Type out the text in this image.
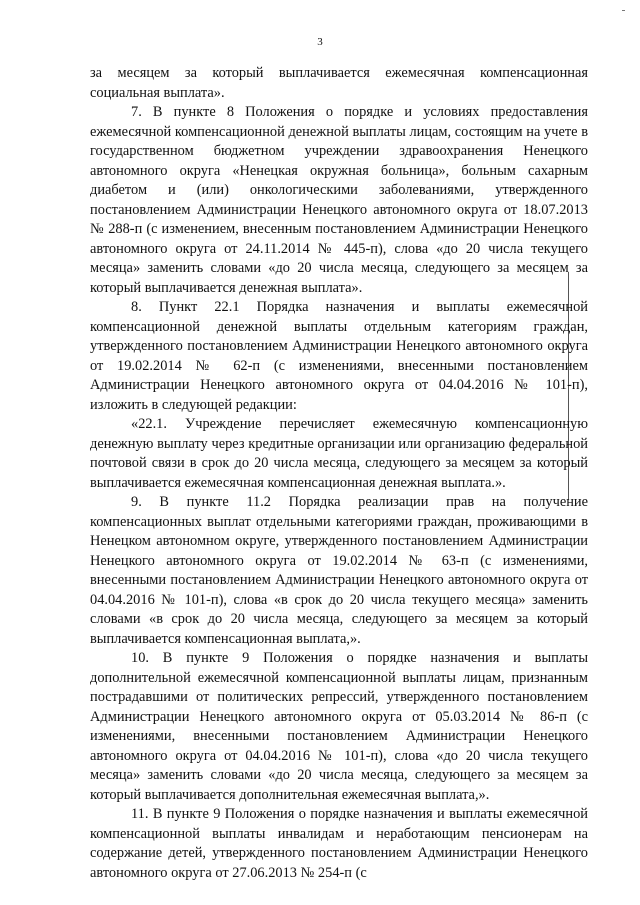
3

за месяцем за который выплачивается ежемесячная компенсационная социальная выплата».

7. В пункте 8 Положения о порядке и условиях предоставления ежемесячной компенсационной денежной выплаты лицам, состоящим на учете в государственном бюджетном учреждении здравоохранения Ненецкого автономного округа «Ненецкая окружная больница», больным сахарным диабетом и (или) онкологическими заболеваниями, утвержденного постановлением Администрации Ненецкого автономного округа от 18.07.2013 № 288-п (с изменением, внесенным постановлением Администрации Ненецкого автономного округа от 24.11.2014 № 445-п), слова «до 20 числа текущего месяца» заменить словами «до 20 числа месяца, следующего за месяцем за который выплачивается денежная выплата».

8. Пункт 22.1 Порядка назначения и выплаты ежемесячной компенсационной денежной выплаты отдельным категориям граждан, утвержденного постановлением Администрации Ненецкого автономного округа от 19.02.2014 № 62-п (с изменениями, внесенными постановлением Администрации Ненецкого автономного округа от 04.04.2016 № 101-п), изложить в следующей редакции:

«22.1. Учреждение перечисляет ежемесячную компенсационную денежную выплату через кредитные организации или организацию федеральной почтовой связи в срок до 20 числа месяца, следующего за месяцем за который выплачивается ежемесячная компенсационная денежная выплата.».

9. В пункте 11.2 Порядка реализации прав на получение компенсационных выплат отдельными категориями граждан, проживающими в Ненецком автономном округе, утвержденного постановлением Администрации Ненецкого автономного округа от 19.02.2014 № 63-п (с изменениями, внесенными постановлением Администрации Ненецкого автономного округа от 04.04.2016 № 101-п), слова «в срок до 20 числа текущего месяца» заменить словами «в срок до 20 числа месяца, следующего за месяцем за который выплачивается компенсационная выплата,».

10. В пункте 9 Положения о порядке назначения и выплаты дополнительной ежемесячной компенсационной выплаты лицам, признанным пострадавшими от политических репрессий, утвержденного постановлением Администрации Ненецкого автономного округа от 05.03.2014 № 86-п (с изменениями, внесенными постановлением Администрации Ненецкого автономного округа от 04.04.2016 № 101-п), слова «до 20 числа текущего месяца» заменить словами «до 20 числа месяца, следующего за месяцем за который выплачивается дополнительная ежемесячная выплата,».

11. В пункте 9 Положения о порядке назначения и выплаты ежемесячной компенсационной выплаты инвалидам и неработающим пенсионерам на содержание детей, утвержденного постановлением Администрации Ненецкого автономного округа от 27.06.2013 № 254-п (с
